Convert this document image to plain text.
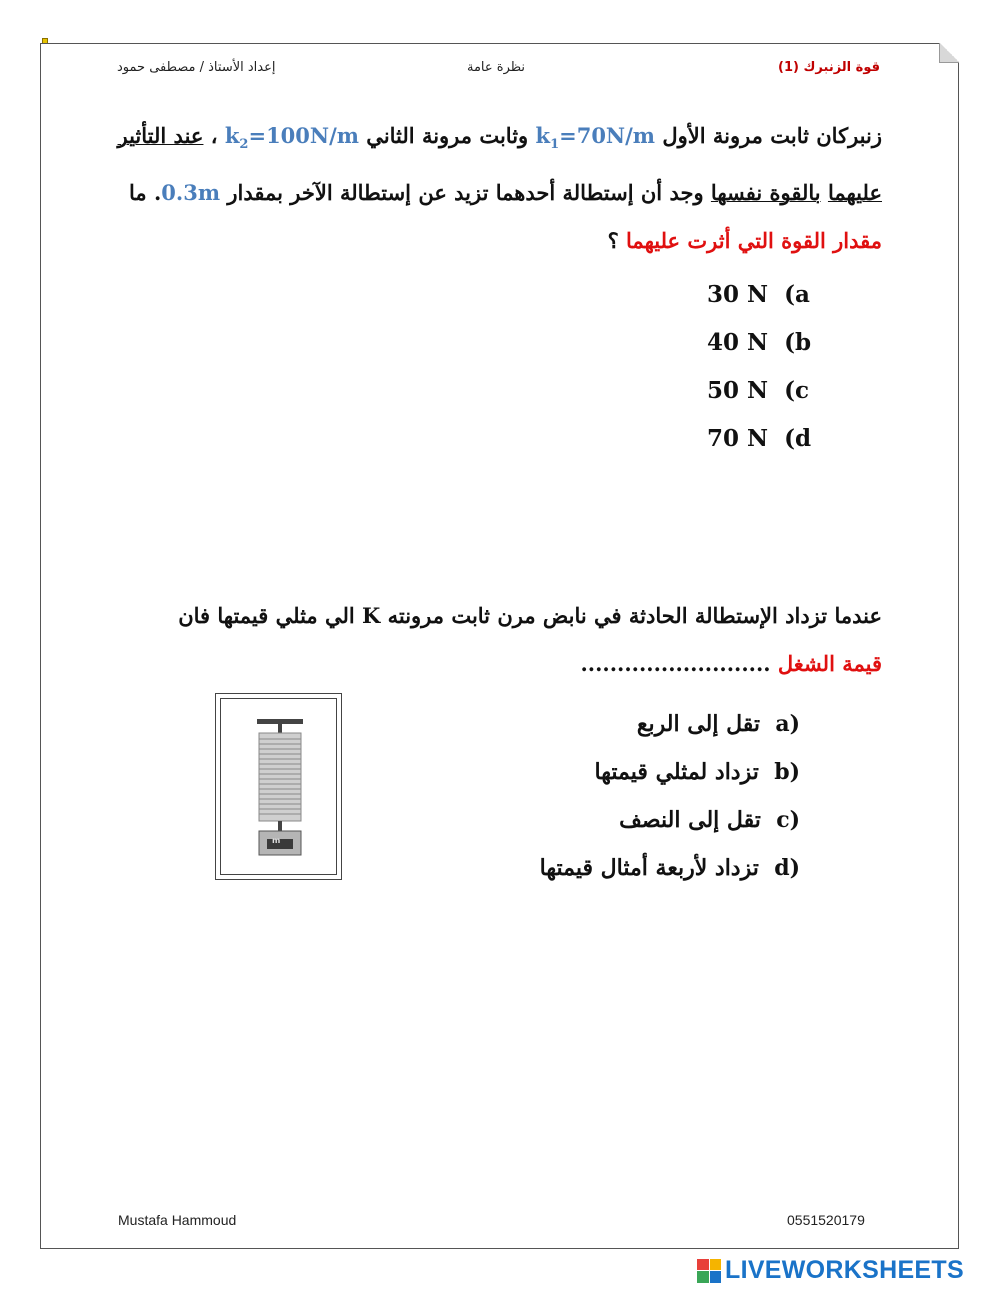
قوة الزنبرك (1)
نظرة عامة
إعداد الأستاذ / مصطفى حمود
زنبركان ثابت مرونة الأول $k_1=70N/m$ وثابت مرونة الثاني $k_2=100N/m$ ، عند التأثير عليهما بالقوة نفسها وجد أن إستطالة أحدهما تزيد عن إستطالة الآخر بمقدار 0.3m. ما مقدار القوة التي أثرت عليهما ؟
30 N (a
40 N (b
50 N (c
70 N (d
عندما تزداد الإستطالة الحادثة في نابض مرن ثابت مرونته K الي مثلي قيمتها فان قيمة الشغل ..........................
a)  تقل إلى الربع
b)  تزداد لمثلي قيمتها
c)  تقل إلى النصف
d)  تزداد لأربعة أمثال قيمتها
m
Mustafa Hammoud	0551520179
LIVEWORKSHEETS
